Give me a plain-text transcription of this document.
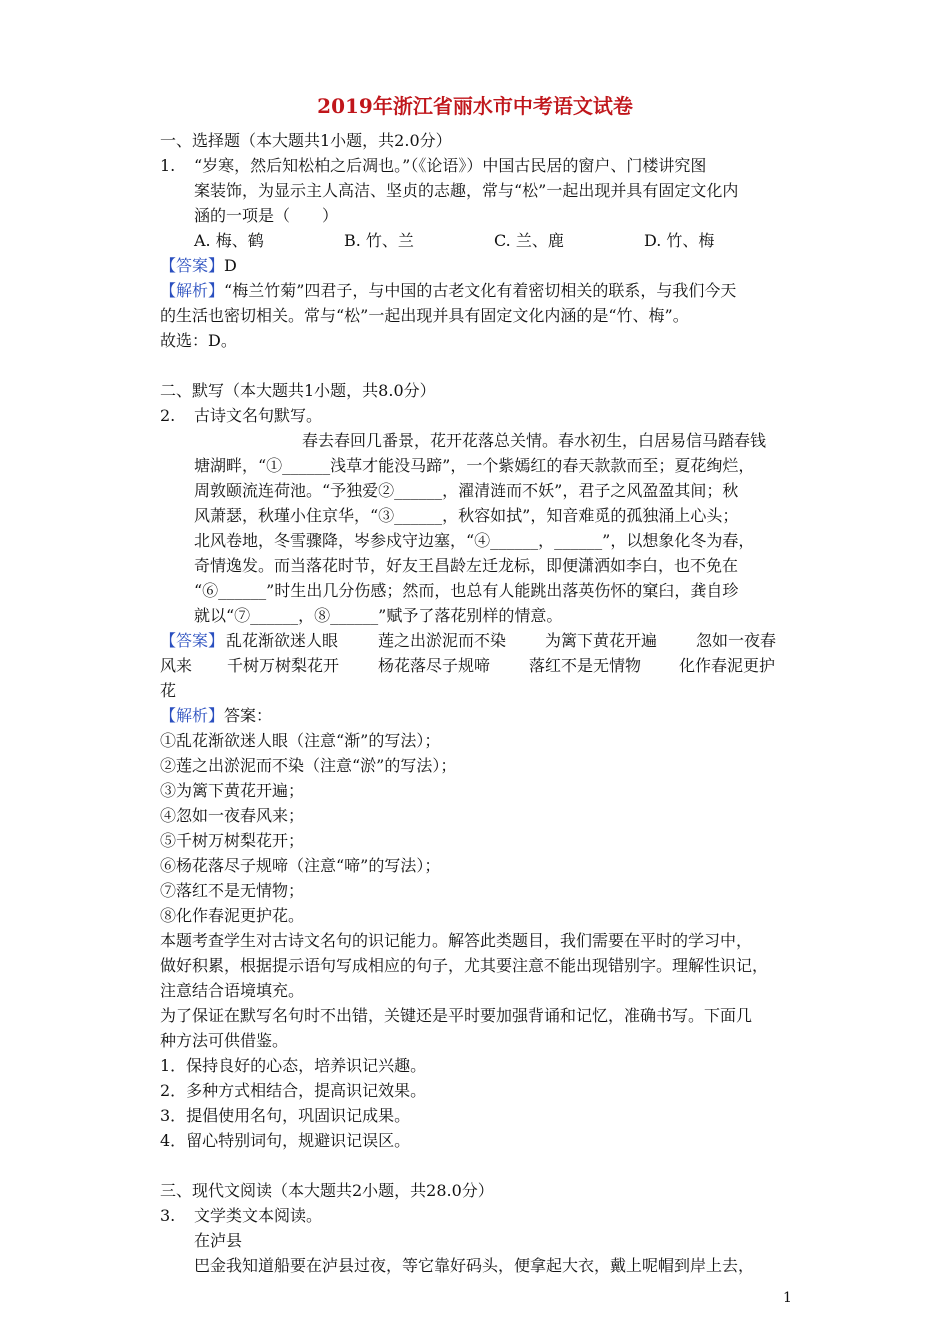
2019年浙江省丽水市中考语文试卷
一、选择题（本大题共1小题，共2.0分）
1. “岁寒，然后知松柏之后凋也。”（《论语》）中国古民居的窗户、门楼讲究图
案装饰，为显示主人高洁、坚贞的志趣，常与“松”一起出现并具有固定文化内
涵的一项是（　　）
A. 梅、鹤	B. 竹、兰	C. 兰、鹿	D. 竹、梅
【答案】D
【解析】“梅兰竹菊”四君子，与中国的古老文化有着密切相关的联系，与我们今天
的生活也密切相关。常与“松”一起出现并具有固定文化内涵的是“竹、梅”。
故选：D。
二、默写（本大题共1小题，共8.0分）
2. 古诗文名句默写。
春去春回几番景，花开花落总关情。春水初生，白居易信马踏春钱
塘湖畔，“①______浅草才能没马蹄”，一个紫嫣红的春天款款而至；夏花绚烂，
周敦颐流连荷池。“予独爱②______，濯清涟而不妖”，君子之风盈盈其间；秋
风萧瑟，秋瑾小住京华，“③______，秋容如拭”，知音难觅的孤独涌上心头；
北风卷地，冬雪骤降，岑参戍守边塞，“④______，______”，以想象化冬为春，
奇情逸发。而当落花时节，好友王昌龄左迁龙标，即便潇洒如李白，也不免在
“⑥______”时生出几分伤感；然而，也总有人能跳出落英伤怀的窠臼，龚自珍
就以“⑦______，⑧______”赋予了落花别样的情意。
【答案】 乱花渐欲迷人眼 莲之出淤泥而不染 为篱下黄花开遍 忽如一夜春
风来 千树万树梨花开 杨花落尽子规啼 落红不是无情物 化作春泥更护
花
【解析】答案：
①乱花渐欲迷人眼（注意“渐”的写法）；
②莲之出淤泥而不染（注意“淤”的写法）；
③为篱下黄花开遍；
④忽如一夜春风来；
⑤千树万树梨花开；
⑥杨花落尽子规啼（注意“啼”的写法）；
⑦落红不是无情物；
⑧化作春泥更护花。
本题考查学生对古诗文名句的识记能力。解答此类题目，我们需要在平时的学习中，
做好积累，根据提示语句写成相应的句子，尤其要注意不能出现错别字。理解性识记，
注意结合语境填充。
为了保证在默写名句时不出错，关键还是平时要加强背诵和记忆，准确书写。下面几
种方法可供借鉴。
1．保持良好的心态，培养识记兴趣。
2．多种方式相结合，提高识记效果。
3．提倡使用名句，巩固识记成果。
4．留心特别词句，规避识记误区。
三、现代文阅读（本大题共2小题，共28.0分）
3. 文学类文本阅读。
在泸县
巴金我知道船要在泸县过夜，等它靠好码头，便拿起大衣，戴上呢帽到岸上去，
1
